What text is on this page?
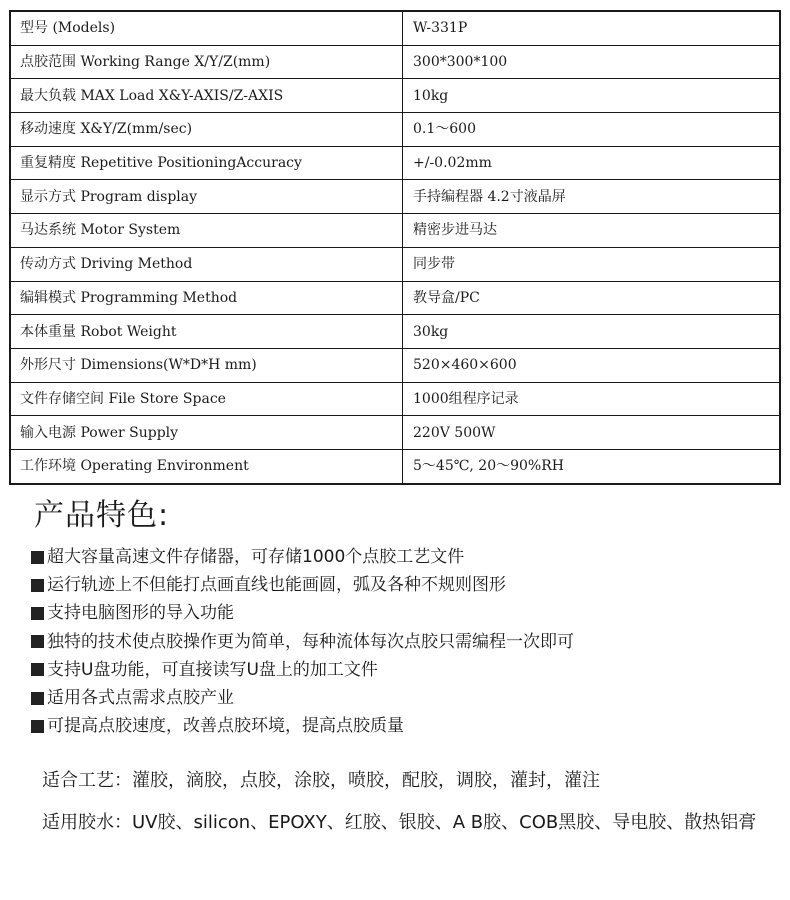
型号 (Models)	W-331P
点胶范围 Working Range X/Y/Z(mm)	300*300*100
最大负载 MAX Load X&Y-AXIS/Z-AXIS	10kg
移动速度 X&Y/Z(mm/sec)	0.1～600
重复精度 Repetitive PositioningAccuracy	+/-0.02mm
显示方式 Program display	手持编程器 4.2寸液晶屏
马达系统 Motor System	精密步进马达
传动方式 Driving Method	同步带
编辑模式 Programming Method	教导盒/PC
本体重量 Robot Weight	30kg
外形尺寸 Dimensions(W*D*H mm)	520×460×600
文件存储空间 File Store Space	1000组程序记录
输入电源 Power Supply	220V 500W
工作环境 Operating Environment	5～45℃, 20～90%RH
产品特色:
超大容量高速文件存储器，可存储1000个点胶工艺文件
运行轨迹上不但能打点画直线也能画圆，弧及各种不规则图形
支持电脑图形的导入功能
独特的技术使点胶操作更为简单，每种流体每次点胶只需编程一次即可
支持U盘功能，可直接读写U盘上的加工文件
适用各式点需求点胶产业
可提高点胶速度，改善点胶环境，提高点胶质量

适合工艺：灌胶，滴胶，点胶，涂胶，喷胶，配胶，调胶，灌封，灌注

适用胶水：UV胶、silicon、EPOXY、红胶、银胶、A B胶、COB黑胶、导电胶、散热铝膏
